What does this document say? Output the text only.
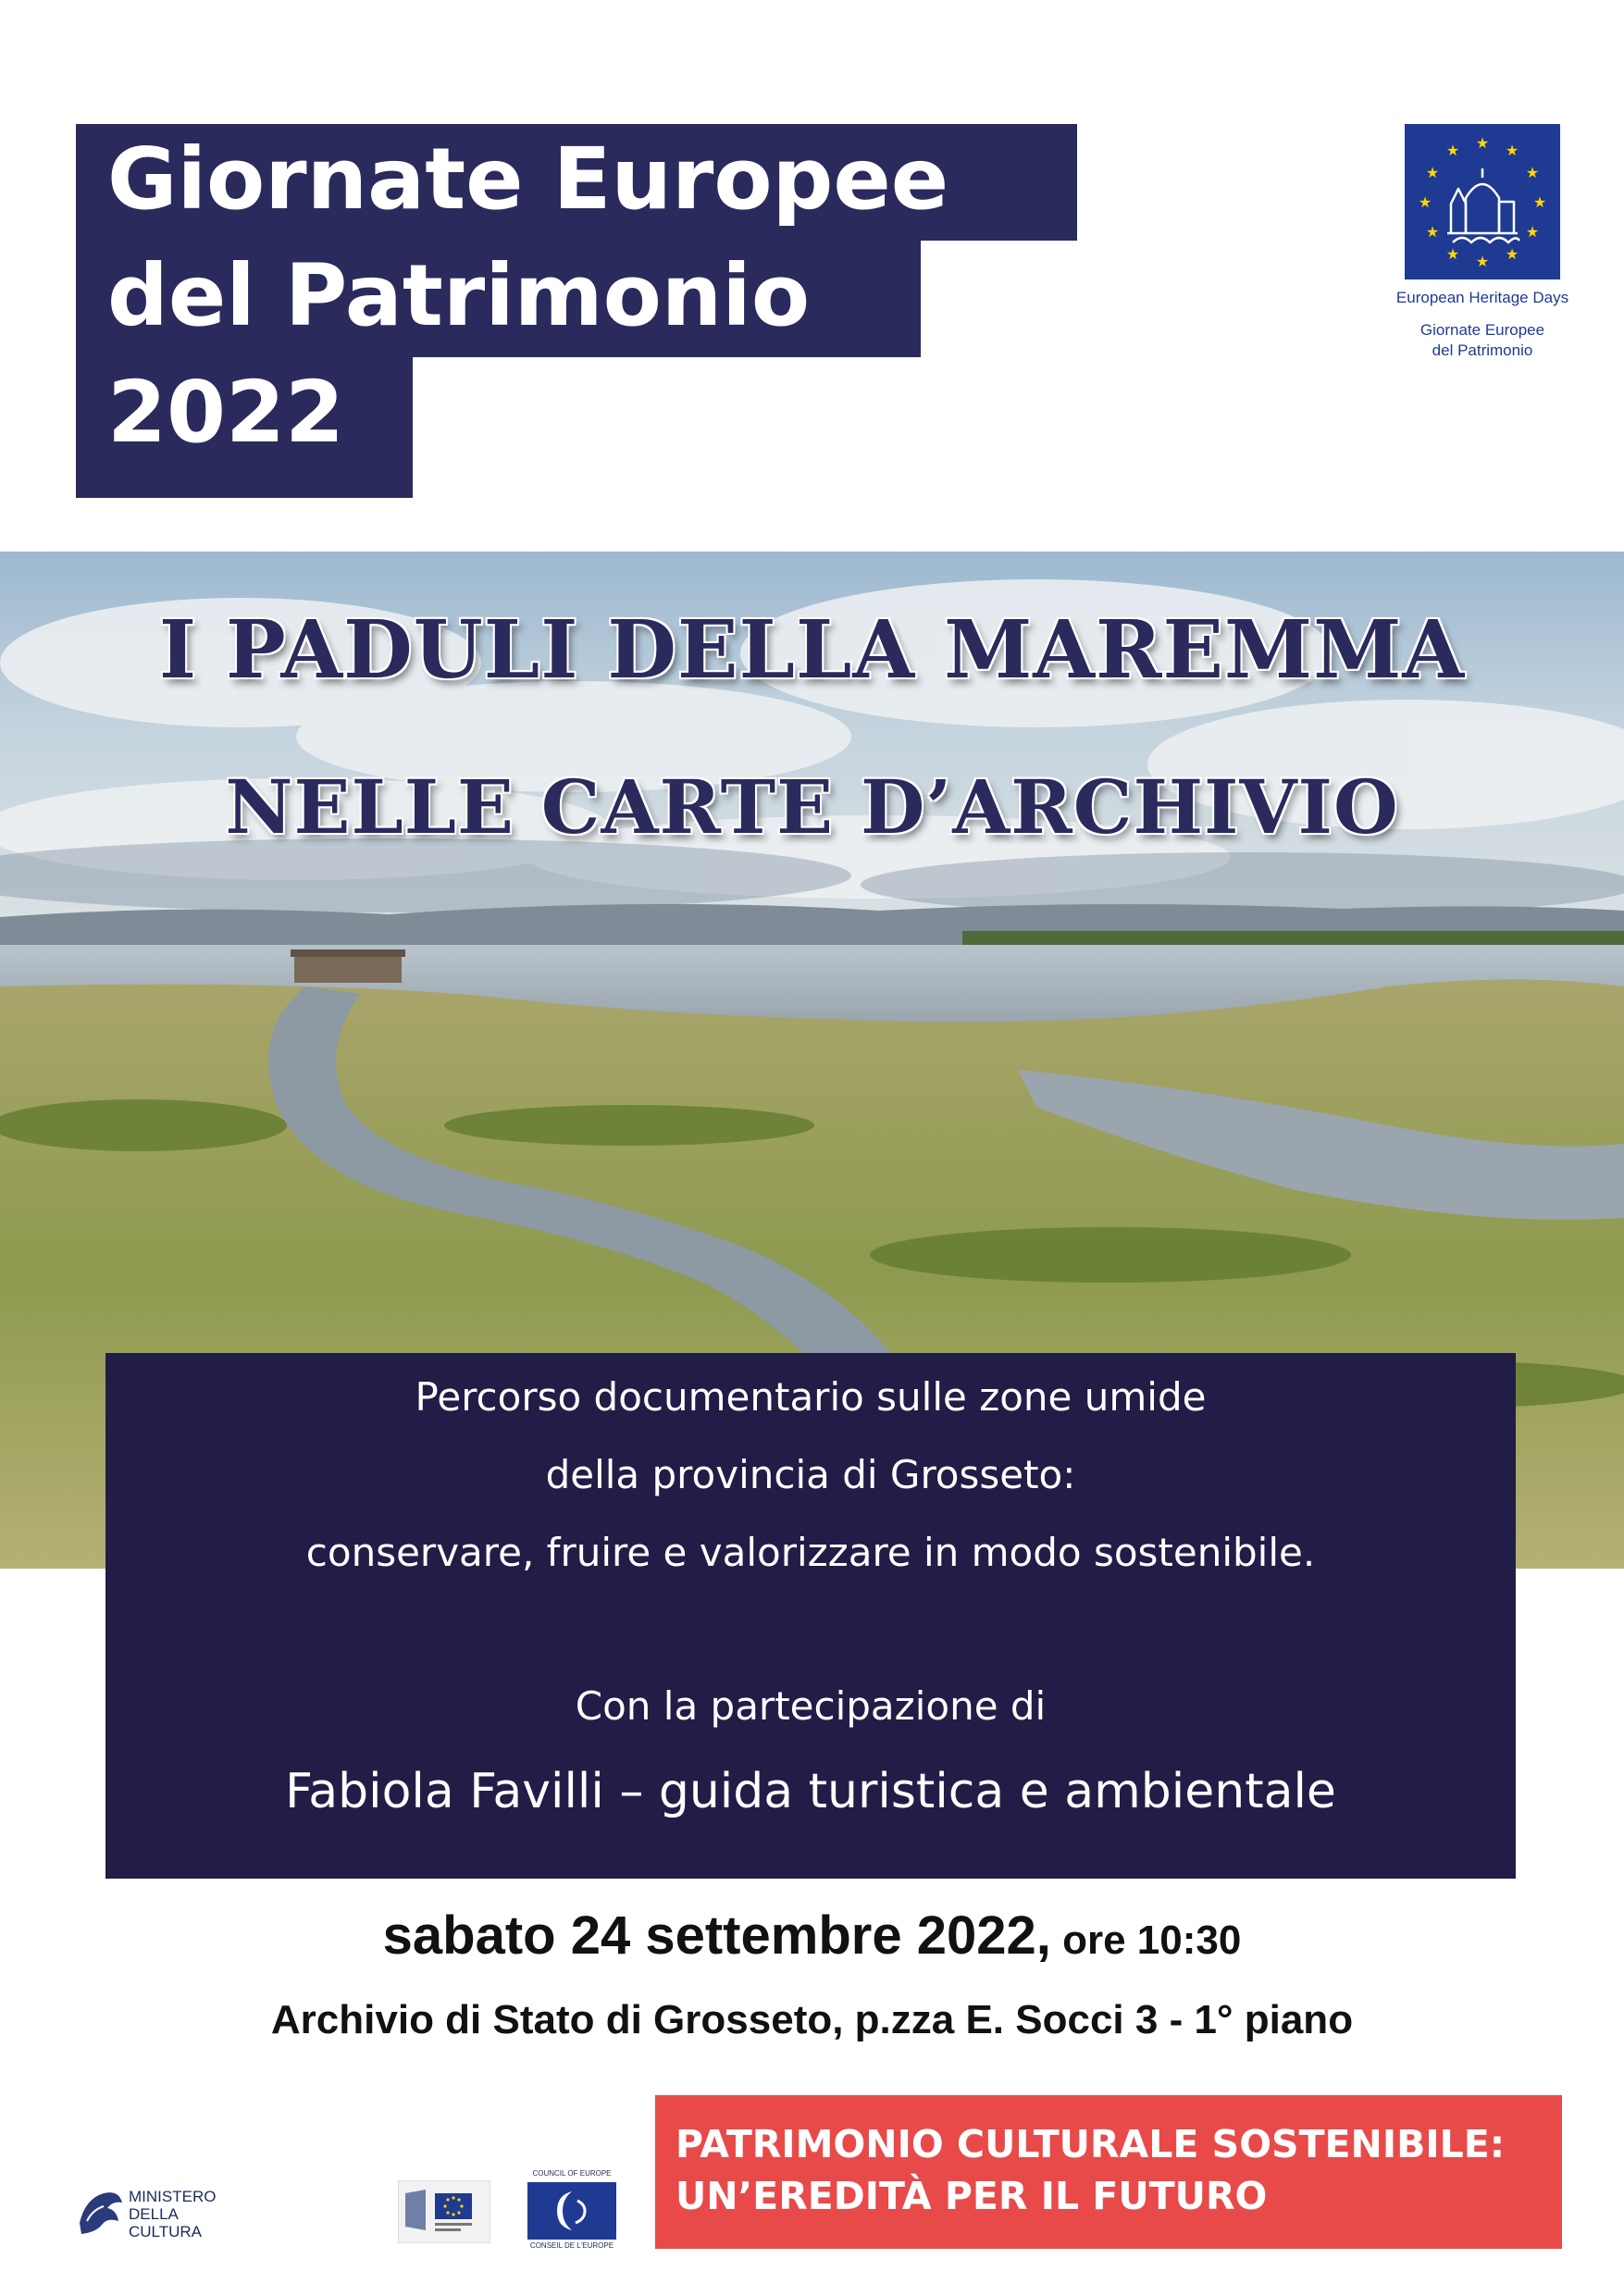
Giornate Europee
del Patrimonio
2022
★ ★
★
★
★
★
★
★
★
★
★
★
European Heritage Days
Giornate Europee
del Patrimonio
I PADULI DELLA MAREMMA
NELLE CARTE D’ARCHIVIO
Percorso documentario sulle zone umide
della provincia di Grosseto:
conservare, fruire e valorizzare in modo sostenibile.
Con la partecipazione di
Fabiola Favilli – guida turistica e ambientale
sabato 24 settembre 2022, ore 10:30
Archivio di Stato di Grosseto, p.zza E. Socci 3 - 1° piano
PATRIMONIO CULTURALE SOSTENIBILE:
UN’EREDITÀ PER IL FUTURO
MINISTERO
DELLA
CULTURA
COUNCIL OF EUROPE
CONSEIL DE L'EUROPE
